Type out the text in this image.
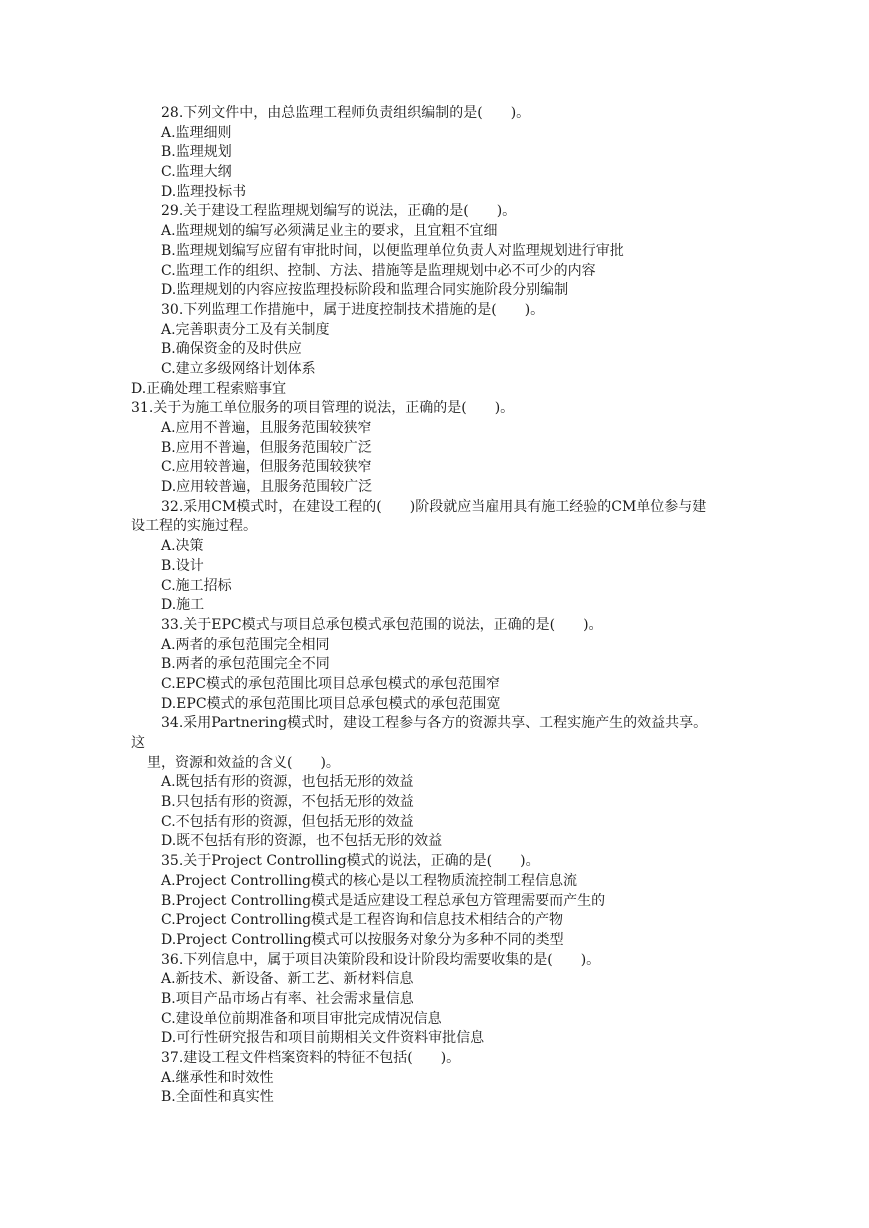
28.下列文件中，由总监理工程师负责组织编制的是(　　)。
A.监理细则
B.监理规划
C.监理大纲
D.监理投标书
29.关于建设工程监理规划编写的说法，正确的是(　　)。
A.监理规划的编写必须满足业主的要求，且宜粗不宜细
B.监理规划编写应留有审批时间，以便监理单位负责人对监理规划进行审批
C.监理工作的组织、控制、方法、措施等是监理规划中必不可少的内容
D.监理规划的内容应按监理投标阶段和监理合同实施阶段分别编制
30.下列监理工作措施中，属于进度控制技术措施的是(　　)。
A.完善职责分工及有关制度
B.确保资金的及时供应
C.建立多级网络计划体系
D.正确处理工程索赔事宜
31.关于为施工单位服务的项目管理的说法，正确的是(　　)。
A.应用不普遍，且服务范围较狭窄
B.应用不普遍，但服务范围较广泛
C.应用较普遍，但服务范围较狭窄
D.应用较普遍，且服务范围较广泛
32.采用CM模式时，在建设工程的(　　)阶段就应当雇用具有施工经验的CM单位参与建
设工程的实施过程。
A.决策
B.设计
C.施工招标
D.施工
33.关于EPC模式与项目总承包模式承包范围的说法，正确的是(　　)。
A.两者的承包范围完全相同
B.两者的承包范围完全不同
C.EPC模式的承包范围比项目总承包模式的承包范围窄
D.EPC模式的承包范围比项目总承包模式的承包范围宽
34.采用Partnering模式时，建设工程参与各方的资源共享、工程实施产生的效益共享。
这
里，资源和效益的含义(　　)。
A.既包括有形的资源，也包括无形的效益
B.只包括有形的资源，不包括无形的效益
C.不包括有形的资源，但包括无形的效益
D.既不包括有形的资源，也不包括无形的效益
35.关于Project Controlling模式的说法，正确的是(　　)。
A.Project Controlling模式的核心是以工程物质流控制工程信息流
B.Project Controlling模式是适应建设工程总承包方管理需要而产生的
C.Project Controlling模式是工程咨询和信息技术相结合的产物
D.Project Controlling模式可以按服务对象分为多种不同的类型
36.下列信息中，属于项目决策阶段和设计阶段均需要收集的是(　　)。
A.新技术、新设备、新工艺、新材料信息
B.项目产品市场占有率、社会需求量信息
C.建设单位前期准备和项目审批完成情况信息
D.可行性研究报告和项目前期相关文件资料审批信息
37.建设工程文件档案资料的特征不包括(　　)。
A.继承性和时效性
B.全面性和真实性
